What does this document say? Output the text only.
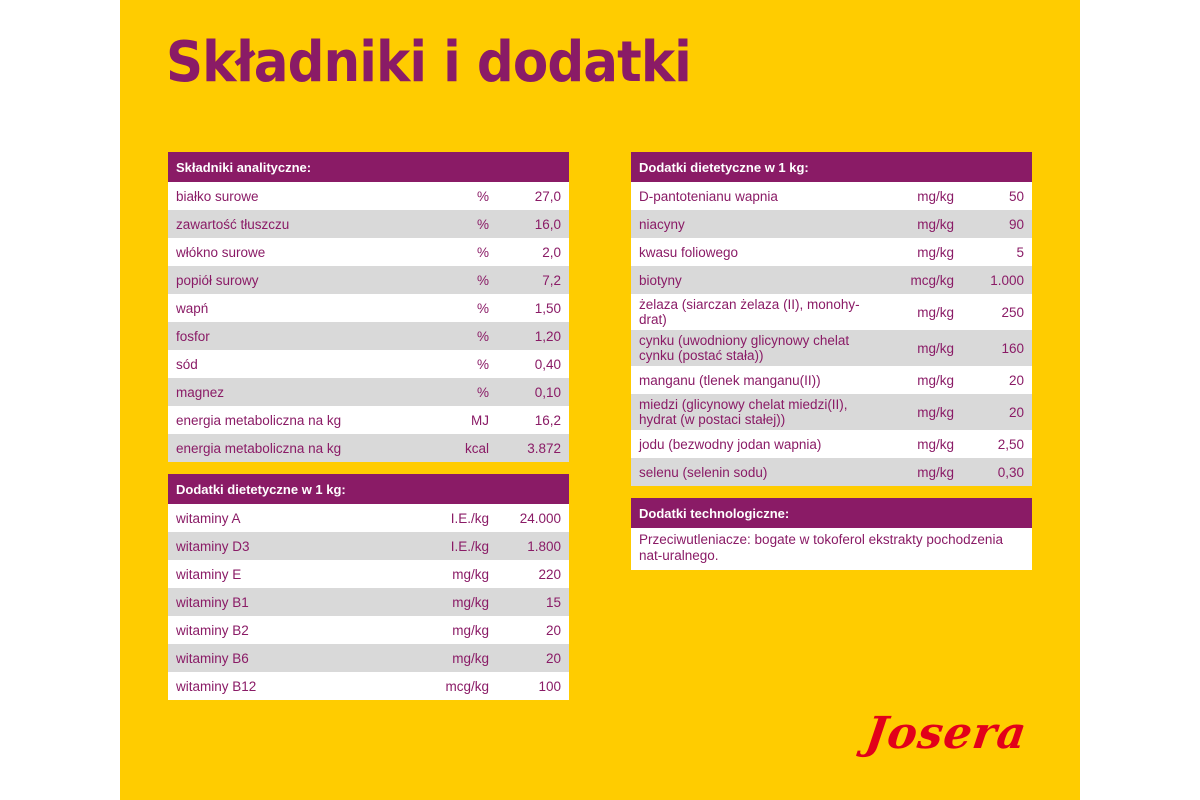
Składniki i dodatki
Składniki analityczne:
białko surowe	%	27,0
zawartość tłuszczu	%	16,0
włókno surowe	%	2,0
popiół surowy	%	7,2
wapń	%	1,50
fosfor	%	1,20
sód	%	0,40
magnez	%	0,10
energia metaboliczna na kg	MJ	16,2
energia metaboliczna na kg	kcal	3.872
Dodatki dietetyczne w 1 kg:
witaminy A	I.E./kg	24.000
witaminy D3	I.E./kg	1.800
witaminy E	mg/kg	220
witaminy B1	mg/kg	15
witaminy B2	mg/kg	20
witaminy B6	mg/kg	20
witaminy B12	mcg/kg	100
Dodatki dietetyczne w 1 kg:
D-pantotenianu wapnia	mg/kg	50
niacyny	mg/kg	90
kwasu foliowego	mg/kg	5
biotyny	mcg/kg	1.000
żelaza (siarczan żelaza (II), monohy-drat)	mg/kg	250
cynku (uwodniony glicynowy chelat cynku (postać stała))	mg/kg	160
manganu (tlenek manganu(II))	mg/kg	20
miedzi (glicynowy chelat miedzi(II), hydrat (w postaci stałej))	mg/kg	20
jodu (bezwodny jodan wapnia)	mg/kg	2,50
selenu (selenin sodu)	mg/kg	0,30
Dodatki technologiczne:
Przeciwutleniacze: bogate w tokoferol ekstrakty pochodzenia nat-uralnego.
Josera
